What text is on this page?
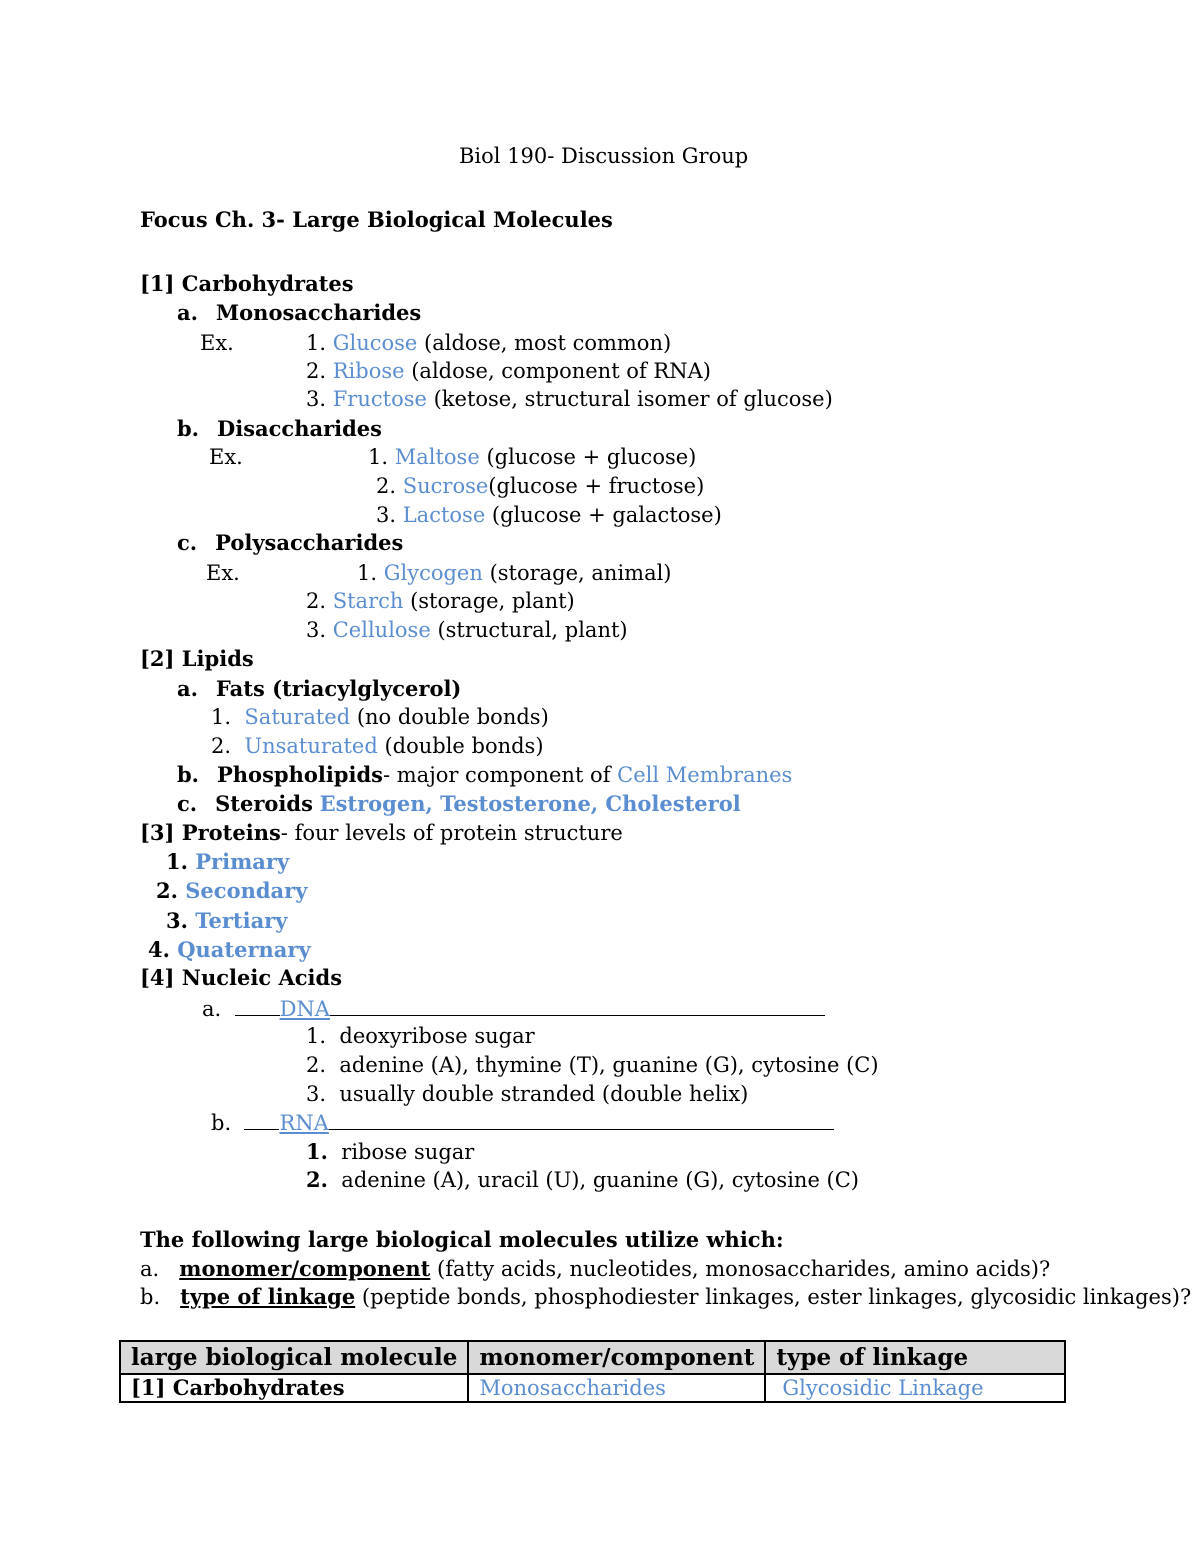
Biol 190- Discussion Group
Focus Ch. 3- Large Biological Molecules
[1] Carbohydrates
a. Monosaccharides
Ex.	1. Glucose (aldose, most common)
2. Ribose (aldose, component of RNA)
3. Fructose (ketose, structural isomer of glucose)
b. Disaccharides
Ex.	1. Maltose (glucose + glucose)
2. Sucrose(glucose + fructose)
3. Lactose (glucose + galactose)
c. Polysaccharides
Ex.	1. Glycogen (storage, animal)
2. Starch (storage, plant)
3. Cellulose (structural, plant)
[2] Lipids
a. Fats (triacylglycerol)
1. Saturated (no double bonds)
2. Unsaturated (double bonds)
b. Phospholipids- major component of Cell Membranes
c. Steroids Estrogen, Testosterone, Cholesterol
[3] Proteins- four levels of protein structure
1. Primary
2. Secondary
3. Tertiary
4. Quaternary
[4] Nucleic Acids
a.	DNA
1. deoxyribose sugar
2. adenine (A), thymine (T), guanine (G), cytosine (C)
3. usually double stranded (double helix)
b. RNA
1. ribose sugar
2. adenine (A), uracil (U), guanine (G), cytosine (C)
The following large biological molecules utilize which:
a. monomer/component (fatty acids, nucleotides, monosaccharides, amino acids)?
b. type of linkage (peptide bonds, phosphodiester linkages, ester linkages, glycosidic linkages)?
large biological molecule	monomer/component	type of linkage
[1] Carbohydrates	Monosaccharides	Glycosidic Linkage
